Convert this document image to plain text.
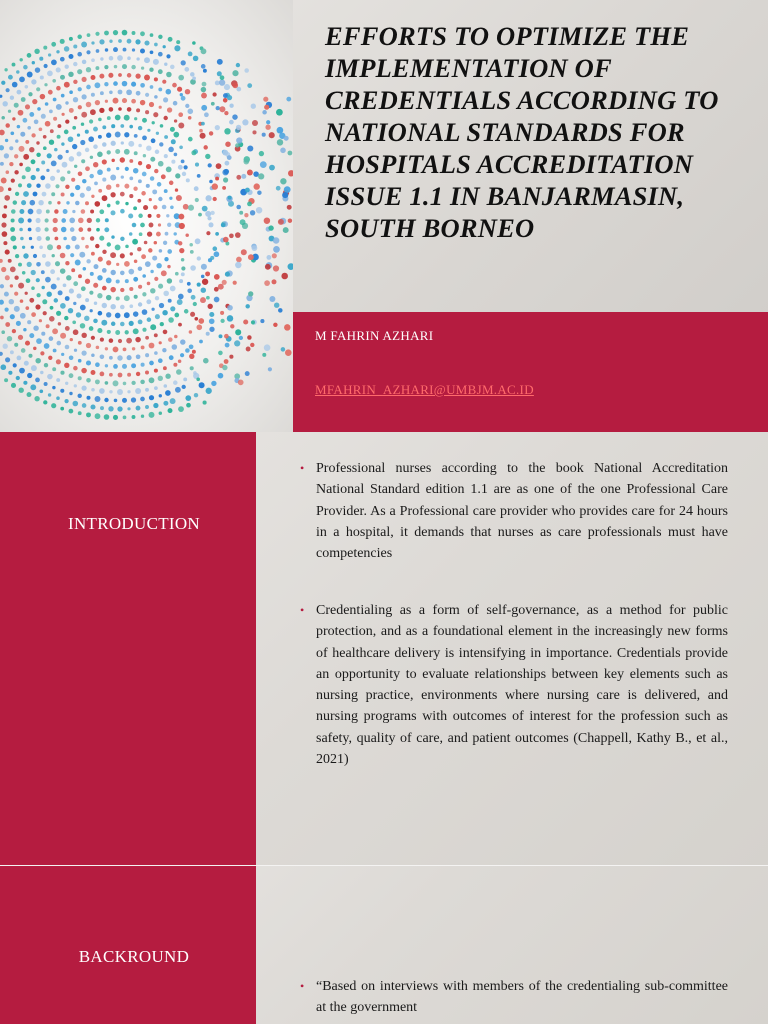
EFFORTS TO OPTIMIZE THE IMPLEMENTATION OF CREDENTIALS ACCORDING TO NATIONAL STANDARDS FOR HOSPITALS ACCREDITATION ISSUE 1.1 IN BANJARMASIN, SOUTH BORNEO
M FAHRIN AZHARI
MFAHRIN_AZHARI@UMBJM.AC.ID
INTRODUCTION

• Professional nurses according to the book National Accreditation National Standard edition 1.1 are as one of the one Professional Care Provider. As a Professional care provider who provides care for 24 hours in a hospital, it demands that nurses as care professionals must have competencies

• Credentialing as a form of self-governance, as a method for public protection, and as a foundational element in the increasingly new forms of healthcare delivery is intensifying in importance. Credentials provide an opportunity to evaluate relationships between key elements such as nursing practice, environments where nursing care is delivered, and nursing programs with outcomes of interest for the profession such as safety, quality of care, and patient outcomes (Chappell, Kathy B., et al., 2021)

BACKROUND

• “Based on interviews with members of the credentialing sub-committee at the government
